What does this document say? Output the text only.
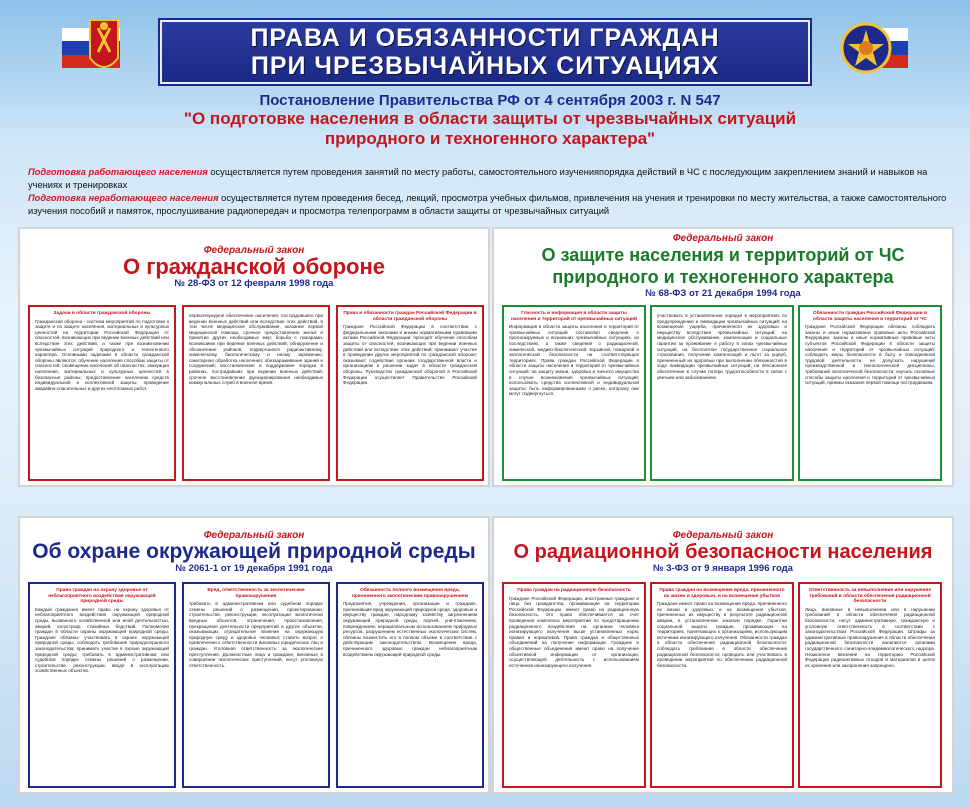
ПРАВА И ОБЯЗАННОСТИ ГРАЖДАН
ПРИ ЧРЕЗВЫЧАЙНЫХ СИТУАЦИЯХ
Постановление Правительства РФ от 4 сентября 2003 г. N 547
"О подготовке населения в области защиты от чрезвычайных ситуаций
природного и техногенного характера"
Подготовка работающего населения осуществляется путем проведения занятий по месту работы, самостоятельного изученияпорядка действий в ЧС с последующим закреплением знаний и навыков на учениях и тренировках
Подготовка неработающего населения осуществляется путем проведения бесед, лекций, просмотра учебных фильмов, привлечения на учения и тренировки по месту жительства, а также самостоятельного изучения пособий и памяток, прослушивание радиопередач и просмотра телепрограмм в области защиты от чрезвычайных ситуаций
Федеральный закон
О гражданской обороне
№ 28-ФЗ от 12 февраля 1998 года
Задачи в области гражданской обороны

Гражданская оборона - система мероприятий по подготовке к защите и по защите населения, материальных и культурных ценностей на территории Российской Федерации от опасностей, возникающих при ведении военных действий или вследствие этих действий, а также при возникновении чрезвычайных ситуаций природного и техногенного характера. Основными задачами в области гражданской обороны являются: обучение населения способам защиты от опасностей; оповещение населения об опасностях; эвакуация населения, материальных и культурных ценностей в безопасные районы; предоставление населению средств индивидуальной и коллективной защиты; проведение аварийно-спасательных и других неотложных работ.

первоочередное обеспечение населения, пострадавшего при ведении военных действий или вследствие этих действий, в том числе медицинское обслуживание, оказание первой медицинской помощи, срочное предоставление жилья и принятие других необходимых мер; борьба с пожарами, возникшими при ведении военных действий; обнаружение и обозначение районов, подвергшихся радиоактивному, химическому, биологическому и иному заражению; санитарная обработка населения, обеззараживание зданий и сооружений; восстановление и поддержание порядка в районах, пострадавших при ведении военных действий; срочное восстановление функционирования необходимых коммунальных служб в военное время.

Права и обязанности граждан Российской Федерации в области гражданской обороны

Граждане Российской Федерации в соответствии с федеральными законами и иными нормативными правовыми актами Российской Федерации: проходят обучение способам защиты от опасностей, возникающих при ведении военных действий или вследствие этих действий; принимают участие в проведении других мероприятий по гражданской обороне; оказывают содействие органам государственной власти и организациям в решении задач в области гражданской обороны. Руководство гражданской обороной в Российской Федерации осуществляет Правительство Российской Федерации.

Федеральный закон
О защите населения и территорий от ЧС природного и техногенного характера
№ 68-ФЗ от 21 декабря 1994 года
Гласность и информация в области защиты населения и территорий от чрезвычайных ситуаций

Информация в области защиты населения и территорий от чрезвычайных ситуаций составляют сведения о прогнозируемых и возникших чрезвычайных ситуациях, их последствиях, а также сведения о радиационной, химической, медико-биологической, взрывной, пожарной и экологической безопасности на соответствующих территориях. Права граждан Российской Федерации в области защиты населения и территорий от чрезвычайных ситуаций: на защиту жизни, здоровья и личного имущества в случае возникновения чрезвычайных ситуаций; использовать средства коллективной и индивидуальной защиты; быть информированными о риске, которому они могут подвергнуться.

участвовать в установленном порядке в мероприятиях по предупреждению и ликвидации чрезвычайных ситуаций; на возмещение ущерба, причиненного их здоровью и имуществу вследствие чрезвычайных ситуаций; на медицинское обслуживание, компенсации и социальные гарантии за проживание и работу в зонах чрезвычайных ситуаций; на бесплатное государственное социальное страхование, получение компенсаций и льгот за ущерб, причиненный их здоровью при выполнении обязанностей в ходе ликвидации чрезвычайных ситуаций; на пенсионное обеспечение в случае потери трудоспособности в связи с увечьем или заболеванием.

Обязанности граждан Российской Федерации в области защиты населения и территорий от ЧС

Граждане Российской Федерации обязаны: соблюдать законы и иные нормативные правовые акты Российской Федерации, законы и иные нормативные правовые акты субъектов Российской Федерации в области защиты населения и территорий от чрезвычайных ситуаций; соблюдать меры безопасности в быту и повседневной трудовой деятельности, не допускать нарушений производственной и технологической дисциплины, требований экологической безопасности; изучать основные способы защиты населения и территорий от чрезвычайных ситуаций, приемы оказания первой помощи пострадавшим.

Федеральный закон
Об охране окружающей природной среды
№ 2061-1 от 19 декабря 1991 года
Право граждан на охрану здоровья от неблагоприятного воздействия окружающей природной среды

Каждый гражданин имеет право на охрану здоровья от неблагоприятного воздействия окружающей природной среды, вызванного хозяйственной или иной деятельностью, аварий, катастроф, стихийных бедствий. Полномочия граждан в области охраны окружающей природной среды. Граждане обязаны: участвовать в охране окружающей природной среды, соблюдать требования природоохранного законодательства; принимать участие в охране окружающей природной среды; требовать в административном или судебном порядке отмены решений о размещении, строительстве, реконструкции, вводе в эксплуатацию хозяйственных объектов.

Вред, ответственность за экологические правонарушения

требовать в административном или судебном порядке отмены решений о размещении, проектировании, строительстве, реконструкции, эксплуатации экологически вредных объектов, ограничения, приостановления, прекращения деятельности предприятий и других объектов, оказывающих отрицательное влияние на окружающую природную среду и здоровье человека; ставить вопрос о привлечении к ответственности виновных юридических лиц и граждан. Уголовная ответственность за экологические преступления. Должностные лица и граждане, виновные в совершении экологических преступлений, несут уголовную ответственность.

Обязанность полного возмещения вреда, причиненного экологическим правонарушением

Предприятия, учреждения, организации и граждане, причинившие вред окружающей природной среде, здоровью и имуществу граждан, народному хозяйству загрязнением окружающей природной среды, порчей, уничтожением, повреждением, нерациональным использованием природных ресурсов, разрушением естественных экологических систем, обязаны возместить его в полном объеме в соответствии с действующим законодательством. Возмещение вреда, причиненного здоровью граждан неблагоприятным воздействием окружающей природной среды.

Федеральный закон
О радиационной безопасности населения
№ 3-ФЗ от 9 января 1996 года
Права граждан на радиационную безопасность

Граждане Российской Федерации, иностранные граждане и лица без гражданства, проживающие на территории Российской Федерации, имеют право на радиационную безопасность. Это право обеспечивается за счет проведения комплекса мероприятий по предотвращению радиационного воздействия на организм человека ионизирующего излучения выше установленных норм, правил и нормативов. Права граждан и общественных объединений на получение информации. Граждане и общественные объединения имеют право на получение объективной информации от организации, осуществляющей деятельность с использованием источников ионизирующего излучения.

Права граждан на возмещение вреда, причиненного их жизни и здоровью, и на возмещение убытков

Граждане имеют право на возмещение вреда, причиненного их жизни и здоровью, и на возмещение убытков, причиненных их имуществу в результате радиационной аварии, в установленном законом порядке. Гарантии социальной защиты граждан, проживающих на территориях, прилегающих к организациям, использующим источники ионизирующего излучения. Обязанности граждан в области обеспечения радиационной безопасности: соблюдать требования в области обеспечения радиационной безопасности; проводить или участвовать в проведении мероприятий по обеспечению радиационной безопасности.

Ответственность за невыполнение или нарушение требований в области обеспечения радиационной безопасности

Лица, виновные в невыполнении или в нарушении требований в области обеспечения радиационной безопасности, несут административную, гражданскую и уголовную ответственность в соответствии с законодательством Российской Федерации. Штрафы за административные правонарушения в области обеспечения радиационной безопасности налагаются органами государственного санитарно-эпидемиологического надзора. Незаконное ввезение на территорию Российской Федерации радиоактивных отходов и материалов в целях их хранения или захоронения запрещено.
